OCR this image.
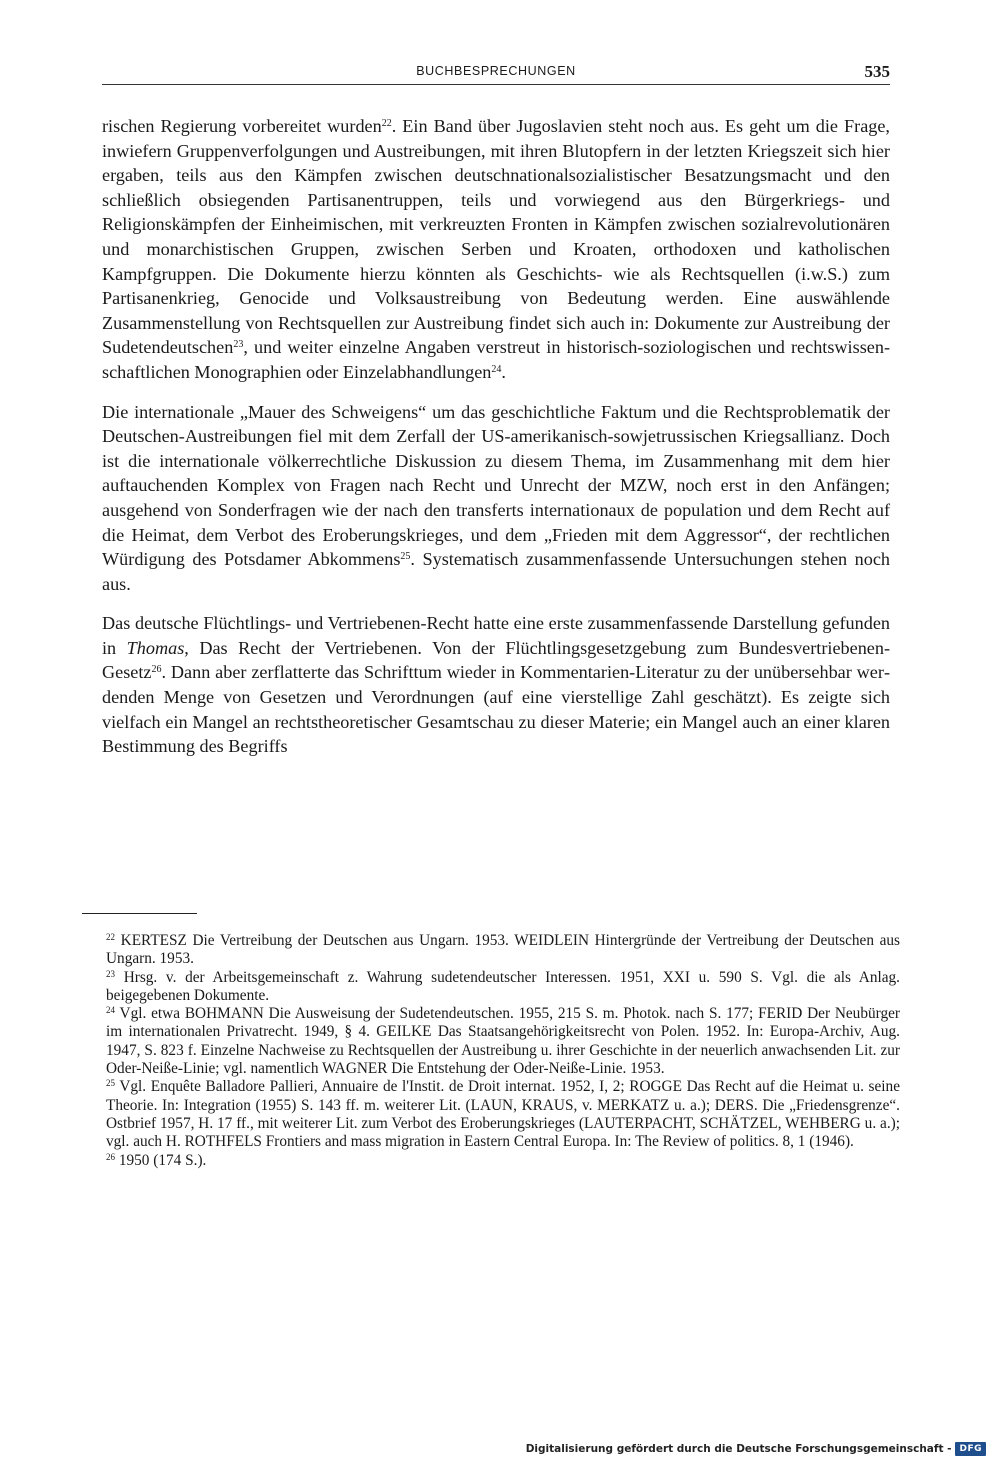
BUCHBESPRECHUNGEN	535

rischen Regierung vorbereitet wurden$^{22}$. Ein Band über Jugoslavien steht noch aus. Es geht um die Frage, inwiefern Gruppenverfolgungen und Austreibungen, mit ihren Blutopfern in der letzten Kriegszeit sich hier ergaben, teils aus den Kämpfen zwischen deutschnationalsozialistischer Besatzungsmacht und den schließlich obsiegenden Partisanentruppen, teils und vorwiegend aus den Bürgerkriegs- und Religionskämpfen der Einheimischen, mit verkreuzten Fronten in Kämpfen zwischen sozialrevolutionären und monarchistischen Gruppen, zwischen Serben und Kroaten, orthodoxen und katholischen Kampfgruppen. Die Dokumente hierzu könnten als Geschichts- wie als Rechtsquellen (i.w.S.) zum Partisanenkrieg, Genocide und Volksaustreibung von Bedeutung werden. Eine auswählende Zusammenstellung von Rechtsquellen zur Austreibung findet sich auch in: Dokumente zur Austreibung der Sudetendeutschen$^{23}$, und weiter einzelne Angaben verstreut in historisch-soziologischen und rechtswissenschaftlichen Monographien oder Einzelabhandlungen$^{24}$.

Die internationale „Mauer des Schweigens“ um das geschichtliche Faktum und die Rechtsproblematik der Deutschen-Austreibungen fiel mit dem Zerfall der US-amerikanisch-sowjetrussischen Kriegsallianz. Doch ist die internationale völkerrechtliche Diskussion zu diesem Thema, im Zusammenhang mit dem hier auftauchenden Komplex von Fragen nach Recht und Unrecht der MZW, noch erst in den Anfängen; ausgehend von Sonderfragen wie der nach den transferts internationaux de population und dem Recht auf die Heimat, dem Verbot des Eroberungskrieges, und dem „Frieden mit dem Aggressor“, der rechtlichen Würdigung des Potsdamer Abkommens$^{25}$. Systematisch zusammenfassende Untersuchungen stehen noch aus.

Das deutsche Flüchtlings- und Vertriebenen-Recht hatte eine erste zusammenfassende Darstellung gefunden in Thomas, Das Recht der Vertriebenen. Von der Flüchtlingsgesetzgebung zum Bundesvertriebenen-Gesetz$^{26}$. Dann aber zerflatterte das Schrifttum wieder in Kommentarien-Literatur zu der unübersehbar werdenden Menge von Gesetzen und Verordnungen (auf eine vierstellige Zahl geschätzt). Es zeigte sich vielfach ein Mangel an rechtstheoretischer Gesamtschau zu dieser Materie; ein Mangel auch an einer klaren Bestimmung des Begriffs

$^{22}$ KERTESZ Die Vertreibung der Deutschen aus Ungarn. 1953. WEIDLEIN Hintergründe der Vertreibung der Deutschen aus Ungarn. 1953.

$^{23}$ Hrsg. v. der Arbeitsgemeinschaft z. Wahrung sudetendeutscher Interessen. 1951, XXI u. 590 S. Vgl. die als Anlag. beigegebenen Dokumente.

$^{24}$ Vgl. etwa BOHMANN Die Ausweisung der Sudetendeutschen. 1955, 215 S. m. Photok. nach S. 177; FERID Der Neubürger im internationalen Privatrecht. 1949, § 4. GEILKE Das Staatsangehörigkeitsrecht von Polen. 1952. In: Europa-Archiv, Aug. 1947, S. 823 f. Einzelne Nachweise zu Rechtsquellen der Austreibung u. ihrer Geschichte in der neuerlich anwachsenden Lit. zur Oder-Neiße-Linie; vgl. namentlich WAGNER Die Entstehung der Oder-Neiße-Linie. 1953.

$^{25}$ Vgl. Enquête Balladore Pallieri, Annuaire de l'Instit. de Droit internat. 1952, I, 2; ROGGE Das Recht auf die Heimat u. seine Theorie. In: Integration (1955) S. 143 ff. m. weiterer Lit. (LAUN, KRAUS, v. MERKATZ u. a.); DERS. Die „Friedensgrenze“. Ostbrief 1957, H. 17 ff., mit weiterer Lit. zum Verbot des Eroberungskrieges (LAUTERPACHT, SCHÄTZEL, WEHBERG u. a.); vgl. auch H. ROTHFELS Frontiers and mass migration in Eastern Central Europa. In: The Review of politics. 8, 1 (1946).

$^{26}$ 1950 (174 S.).

Digitalisierung gefördert durch die Deutsche Forschungsgemeinschaft - DFG
